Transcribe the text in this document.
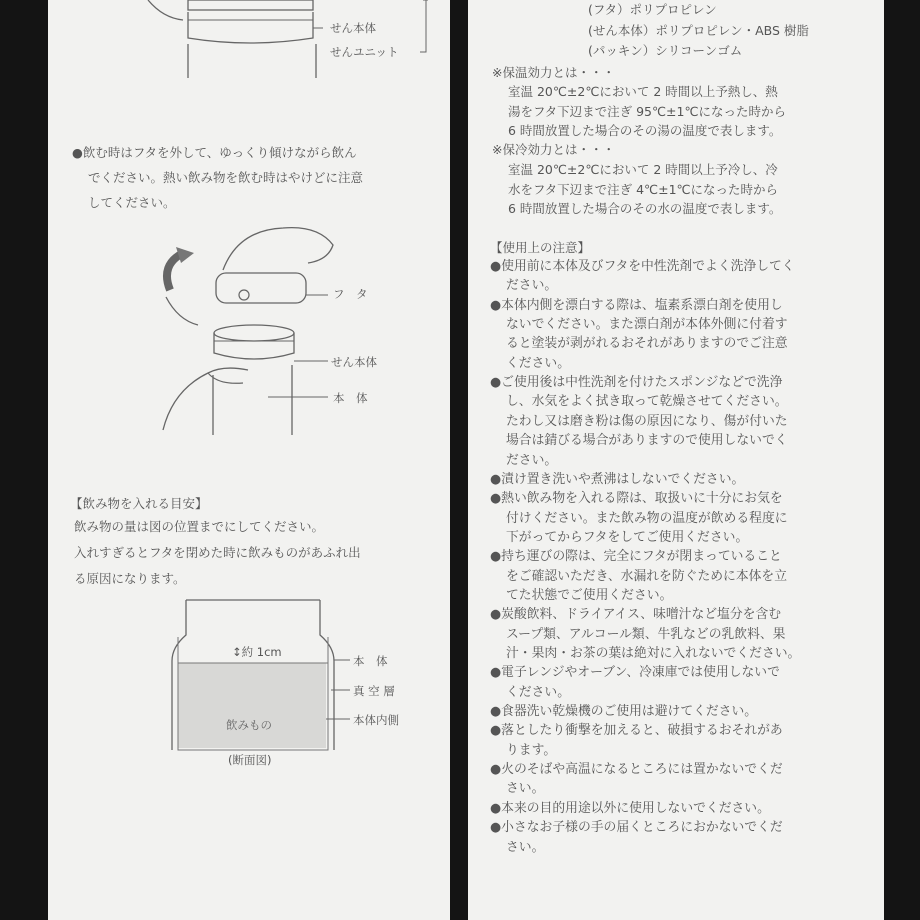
せん本体
せんユニット
●飲む時はフタを外して、ゆっくり傾けながら飲ん
でください。熱い飲み物を飲む時はやけどに注意
してください。
フ　タ
せん本体
本　体
【飲み物を入れる目安】
飲み物の量は図の位置までにしてください。
入れすぎるとフタを閉めた時に飲みものがあふれ出
る原因になります。
↕約 1cm
本　体
真 空 層
本体内側
飲みもの
(断面図)
(フタ）ポリプロピレン
(せん本体）ポリプロピレン・ABS 樹脂
(パッキン）シリコーンゴム
※保温効力とは・・・
室温 20℃±2℃において 2 時間以上予熱し、熱
湯をフタ下辺まで注ぎ 95℃±1℃になった時から
6 時間放置した場合のその湯の温度で表します。
※保冷効力とは・・・
室温 20℃±2℃において 2 時間以上予冷し、冷
水をフタ下辺まで注ぎ 4℃±1℃になった時から
6 時間放置した場合のその水の温度で表します。
【使用上の注意】
●使用前に本体及びフタを中性洗剤でよく洗浄してく
ださい。
●本体内側を漂白する際は、塩素系漂白剤を使用し
ないでください。また漂白剤が本体外側に付着す
ると塗装が剥がれるおそれがありますのでご注意
ください。
●ご使用後は中性洗剤を付けたスポンジなどで洗浄
し、水気をよく拭き取って乾燥させてください。
たわし又は磨き粉は傷の原因になり、傷が付いた
場合は錆びる場合がありますので使用しないでく
ださい。
●漬け置き洗いや煮沸はしないでください。
●熱い飲み物を入れる際は、取扱いに十分にお気を
付けください。また飲み物の温度が飲める程度に
下がってからフタをしてご使用ください。
●持ち運びの際は、完全にフタが閉まっていること
をご確認いただき、水漏れを防ぐために本体を立
てた状態でご使用ください。
●炭酸飲料、ドライアイス、味噌汁など塩分を含む
スープ類、アルコール類、牛乳などの乳飲料、果
汁・果肉・お茶の葉は絶対に入れないでください。
●電子レンジやオーブン、冷凍庫では使用しないで
ください。
●食器洗い乾燥機のご使用は避けてください。
●落としたり衝撃を加えると、破損するおそれがあ
ります。
●火のそばや高温になるところには置かないでくだ
さい。
●本来の目的用途以外に使用しないでください。
●小さなお子様の手の届くところにおかないでくだ
さい。
